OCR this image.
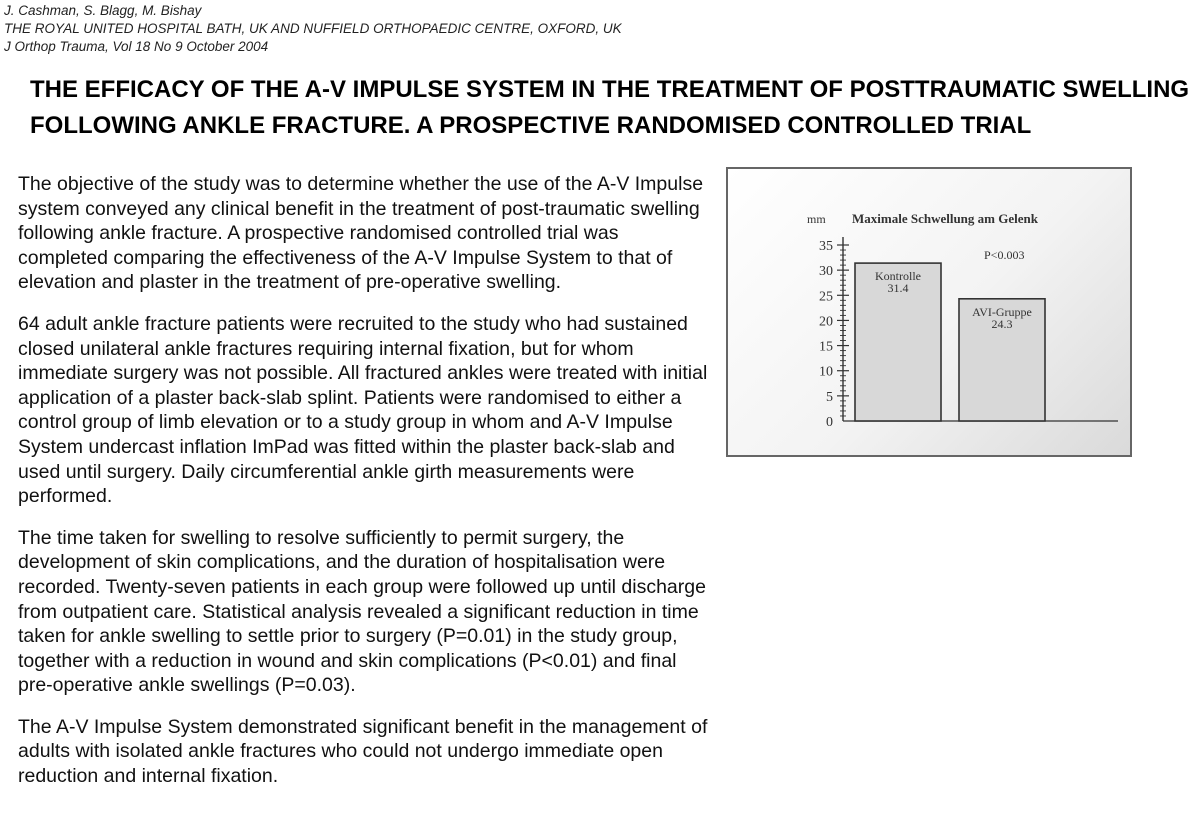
J. Cashman, S. Blagg, M. Bishay
THE ROYAL UNITED HOSPITAL BATH, UK AND NUFFIELD ORTHOPAEDIC CENTRE, OXFORD, UK
J Orthop Trauma, Vol 18 No 9 October 2004
THE EFFICACY OF THE A-V IMPULSE SYSTEM IN THE TREATMENT OF POSTTRAUMATIC SWELLING
FOLLOWING ANKLE FRACTURE. A PROSPECTIVE RANDOMISED CONTROLLED TRIAL

The objective of the study was to determine whether the use of the A-V Impulse system conveyed any clinical benefit in the treatment of post-traumatic swelling following ankle fracture. A prospective randomised controlled trial was completed comparing the effectiveness of the A-V Impulse System to that of elevation and plaster in the treatment of pre-operative swelling.

64 adult ankle fracture patients were recruited to the study who had sustained closed unilateral ankle fractures requiring internal fixation, but for whom immediate surgery was not possible. All fractured ankles were treated with initial application of a plaster back-slab splint. Patients were randomised to either a control group of limb elevation or to a study group in whom and A-V Impulse System undercast inflation ImPad was fitted within the plaster back-slab and used until surgery. Daily circumferential ankle girth measurements were performed.

The time taken for swelling to resolve sufficiently to permit surgery, the development of skin complications, and the duration of hospitalisation were recorded. Twenty-seven patients in each group were followed up until discharge from outpatient care. Statistical analysis revealed a significant reduction in time taken for ankle swelling to settle prior to surgery (P=0.01) in the study group, together with a reduction in wound and skin complications (P<0.01) and final pre-operative ankle swellings (P=0.03).

The A-V Impulse System demonstrated significant benefit in the management of adults with isolated ankle fractures who could not undergo immediate open reduction and internal fixation.

mm Maximale Schwellung am Gelenk
P<0.003
0
5
10
15
20
25
30
35
Kontrolle
31.4
AVI-Gruppe
24.3
